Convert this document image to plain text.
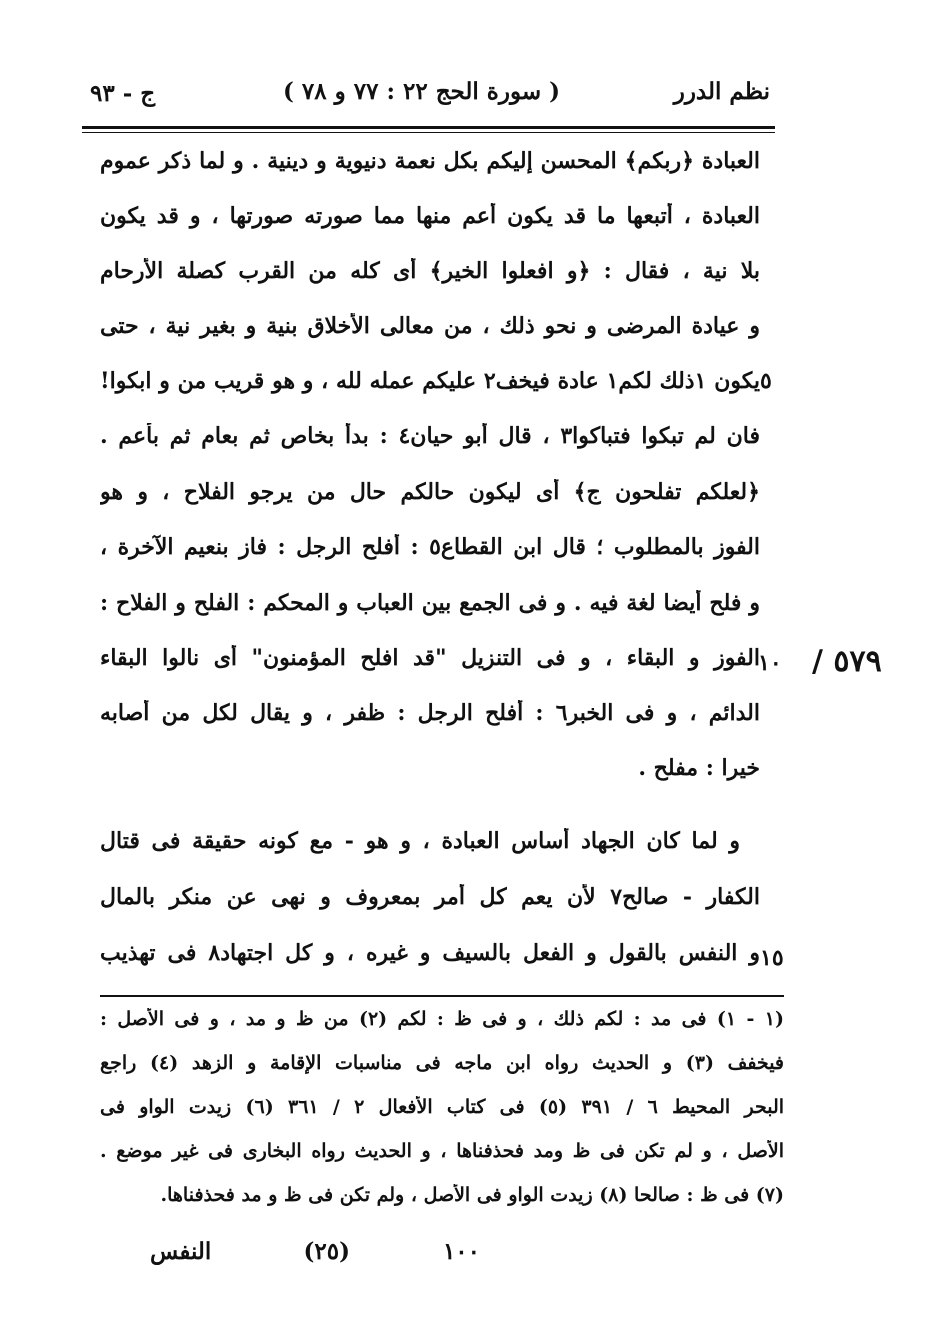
نظم الدرر
( سورة الحج ٢٢ : ٧٧ و ٧٨ )
ج - ٩٣
العبادة ﴿ربكم﴾ المحسن إليكم بكل نعمة دنيوية و دينية . و لما ذكر عموم
العبادة ، أتبعها ما قد يكون أعم منها مما صورته صورتها ، و قد يكون
بلا نية ، فقال : ﴿و افعلوا الخير﴾ أى كله من القرب كصلة الأرحام
و عيادة المرضى و نحو ذلك ، من معالى الأخلاق بنية و بغير نية ، حتى
يكون ١ذلك لكم١ عادة فيخف٢ عليكم عمله لله ، و هو قريب من و ابكوا!
فان لم تبكوا فتباكوا٣ ، قال أبو حيان٤ : بدأ بخاص ثم بعام ثم بأعم .
﴿لعلكم تفلحون ج﴾ أى ليكون حالكم حال من يرجو الفلاح ، و هو
الفوز بالمطلوب ؛ قال ابن القطاع٥ : أفلح الرجل : فاز بنعيم الآخرة ،
و فلح أيضا لغة فيه . و فى الجمع بين العباب و المحكم : الفلح و الفلاح :
الفوز و البقاء ، و فى التنزيل "قد افلح المؤمنون" أى نالوا البقاء
الدائم ، و فى الخبر٦ : أفلح الرجل : ظفر ، و يقال لكل من أصابه
خيرا : مفلح .
و لما كان الجهاد أساس العبادة ، و هو - مع كونه حقيقة فى قتال
الكفار - صالح٧ لأن يعم كل أمر بمعروف و نهى عن منكر بالمال
و النفس بالقول و الفعل بالسيف و غيره ، و كل اجتهاد٨ فى تهذيب
٥
١٠
١٥
٥٧٩ /
(١ - ١) فى مد : لكم ذلك ، و فى ظ : لكم (٢) من ظ و مد ، و فى الأصل :
فيخفف (٣) و الحديث رواه ابن ماجه فى مناسبات الإقامة و الزهد (٤) راجع
البحر المحيط ٦ / ٣٩١ (٥) فى كتاب الأفعال ٢ / ٣٦١ (٦) زيدت الواو فى
الأصل ، و لم تكن فى ظ ومد فحذفناها ، و الحديث رواه البخارى فى غير موضع .
(٧) فى ظ : صالحا (٨) زيدت الواو فى الأصل ، ولم تكن فى ظ و مد فحذفناها.
١٠٠
(٢٥)
النفس
